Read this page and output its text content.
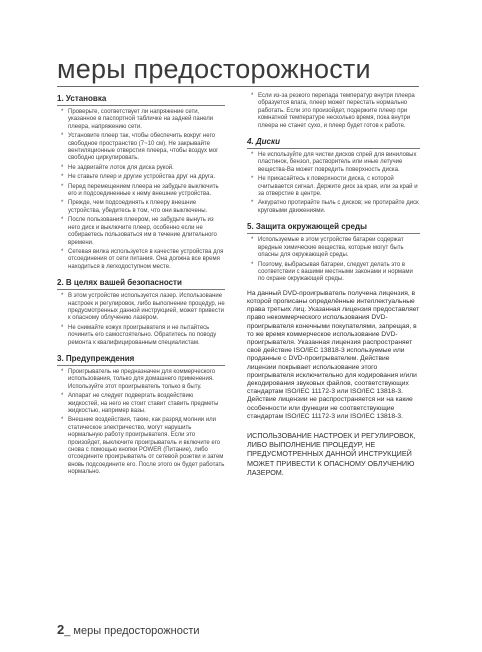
меры предосторожности
1. Установка
* Проверьте, соответствует ли напряжение сети, указанное в паспортной табличке на задней панели плеера, напряжению сети.
* Установите плеер так, чтобы обеспечить вокруг него свободное пространство (7~10 см). Не закрывайте вентиляционные отверстия плеера, чтобы воздух мог свободно циркулировать.
* Не задвигайте лоток для диска рукой.
* Не ставьте плеер и другие устройства друг на друга.
* Перед перемещением плеера не забудьте выключить его и подсоединенные к нему внешние устройства.
* Прежде, чем подсоединять к плееру внешние устройства, убедитесь в том, что они выключены.
* После пользования плеером, не забудьте вынуть из него диск и выключите плеер, особенно если не собираетесь пользоваться им в течение длительного времени.
* Сетевая вилка используется в качестве устройства для отсоединения от сети питания. Она должна все время находиться в легкодоступном месте.
2. В целях вашей безопасности
* В этом устройстве используется лазер. Использование настроек и регулировок, либо выполнение процедур, не предусмотренных данной инструкцией, может привести к опасному облучению лазером.
* Не снимайте кожух проигрывателя и не пытайтесь починить его самостоятельно. Обратитесь по поводу ремонта к квалифицированным специалистам.
3. Предупреждения
* Проигрыватель не предназначен для коммерческого использования, только для домашнего применения. Используйте этот проигрыватель только в быту.
* Аппарат не следует подвергать воздействию жидкостей, на него не стоит ставит ставить предметы жидкостью, например вазы.
* Внешние воздействия, такие, как разряд молнии или статическое электричество, могут нарушить нормальную работу проигрывателя. Если это произойдет, выключите проигрыватель и включите его снова с помощью кнопки POWER (Питание), либо отсоедините проигрыватель от сетевой розетки и затем вновь подсоедините его. После этого он будет работать нормально.
* Если из-за резкого перепада температур внутри плеера образуется влага, плеер может перестать нормально работать. Если это произойдет, подержите плеер при комнатной температуре несколько время, пока внутри плеера не станет сухо, и плеер будет готов к работе.
4. Диски
* Не используйте для чистки дисков спрей для виниловых пластинок, бензол, растворитель или иные летучие вещества-Вa может повредить поверхность диска.
* Не прикасайтесь к поверхности диска, с которой считывается сигнал. Держите диск за края, или за край и за отверстие в центре.
* Аккуратно протирайте пыль с дисков; не протирайте диск круговыми движениями.
5. Защита окружающей среды
* Используемые в этом устройстве батареи содержат вредные химические вещества, которые могут быть опасны для окружающей среды.
* Поэтому, выбрасывая батареи, следует делать это в соответствии с вашими местными законами и нормами по охране окружающей среды.

На данный DVD-проигрыватель получена лицензия, в которой прописаны определённые интеллектуальные права третьих лиц. Указанная лицензия предоставляет право некоммерческого использования DVD-проигрывателя конечными покупателями, запрещая, в то же время коммерческое использование DVD-проигрывателя. Указанная лицензия распространяет своё действие ISO/IEC 13818-3 используемые или проданные с DVD-проигрывателем. Действие лицензии покрывает использование этого проигрывателя исключительно для кодирования и/или декодирования звуковых файлов, соответствующих стандартам ISO/IEC 11172-3 или ISO/IEC 13818-3. Действие лицензии не распространяется ни на какие особенности или функции не соответствующие стандартам ISO/IEC 11172-3 или ISO/IEC 13818-3.

ИСПОЛЬЗОВАНИЕ НАСТРОЕК И РЕГУЛИРОВОК, ЛИБО ВЫПОЛНЕНИЕ ПРОЦЕДУР, НЕ ПРЕДУСМОТРЕННЫХ ДАННОЙ ИНСТРУКЦИЕЙ МОЖЕТ ПРИВЕСТИ К ОПАСНОМУ ОБЛУЧЕНИЮ ЛАЗЕРОМ.

2_ меры предосторожности
